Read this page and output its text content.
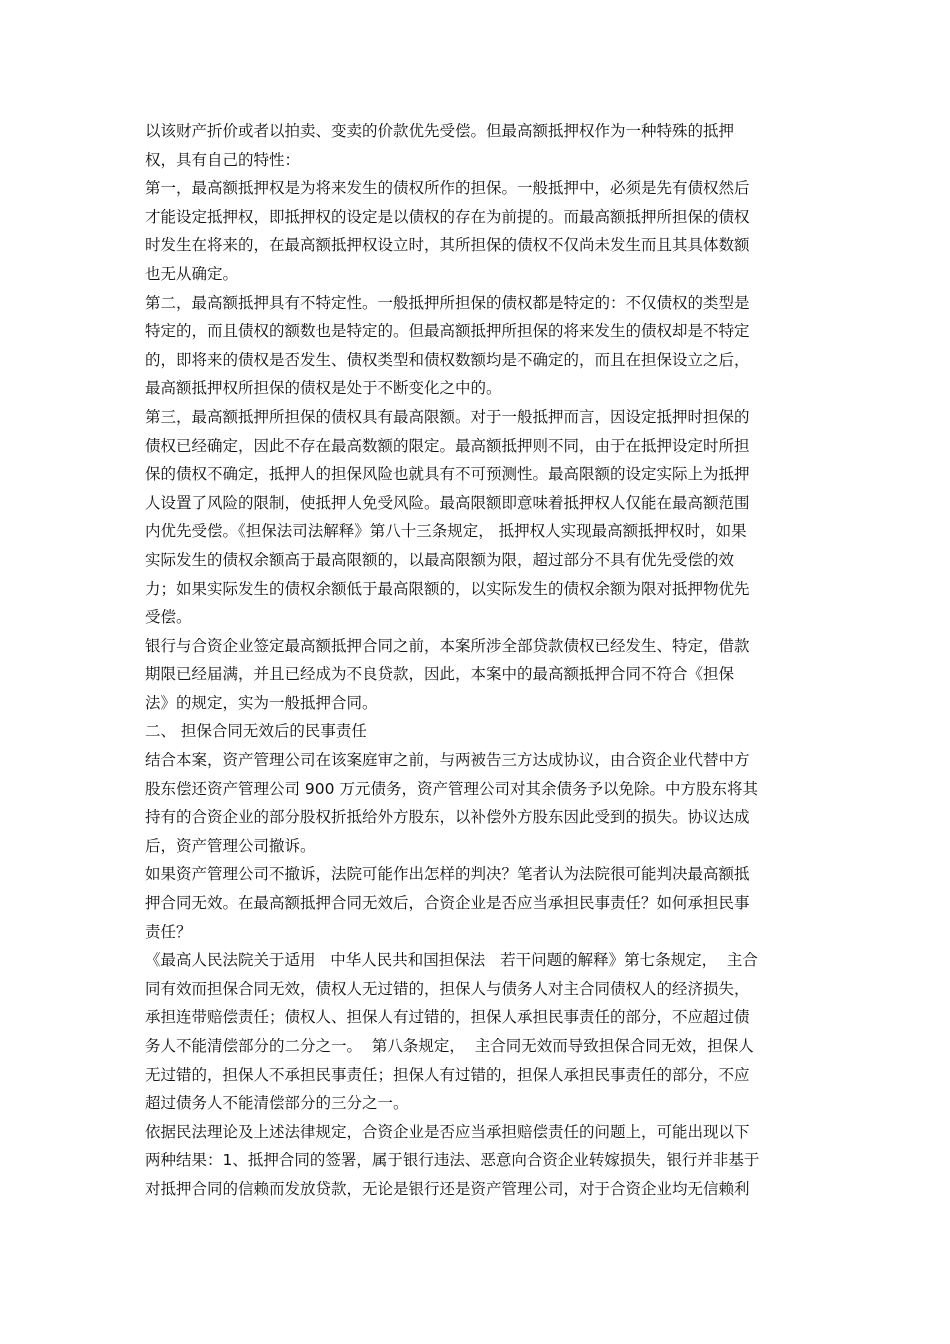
以该财产折价或者以拍卖、变卖的价款优先受偿。但最高额抵押权作为一种特殊的抵押
权，具有自己的特性：
第一，最高额抵押权是为将来发生的债权所作的担保。一般抵押中，必须是先有债权然后
才能设定抵押权，即抵押权的设定是以债权的存在为前提的。而最高额抵押所担保的债权
时发生在将来的，在最高额抵押权设立时，其所担保的债权不仅尚未发生而且其具体数额
也无从确定。
第二，最高额抵押具有不特定性。一般抵押所担保的债权都是特定的：不仅债权的类型是
特定的，而且债权的额数也是特定的。但最高额抵押所担保的将来发生的债权却是不特定
的，即将来的债权是否发生、债权类型和债权数额均是不确定的，而且在担保设立之后，
最高额抵押权所担保的债权是处于不断变化之中的。
第三，最高额抵押所担保的债权具有最高限额。对于一般抵押而言，因设定抵押时担保的
债权已经确定，因此不存在最高数额的限定。最高额抵押则不同，由于在抵押设定时所担
保的债权不确定，抵押人的担保风险也就具有不可预测性。最高限额的设定实际上为抵押
人设置了风险的限制，使抵押人免受风险。最高限额即意味着抵押权人仅能在最高额范围
内优先受偿。《担保法司法解释》第八十三条规定， 抵押权人实现最高额抵押权时，如果
实际发生的债权余额高于最高限额的，以最高限额为限，超过部分不具有优先受偿的效
力；如果实际发生的债权余额低于最高限额的，以实际发生的债权余额为限对抵押物优先
受偿。
银行与合资企业签定最高额抵押合同之前，本案所涉全部贷款债权已经发生、特定，借款
期限已经届满，并且已经成为不良贷款，因此，本案中的最高额抵押合同不符合《担保
法》的规定，实为一般抵押合同。
二、 担保合同无效后的民事责任
结合本案，资产管理公司在该案庭审之前，与两被告三方达成协议，由合资企业代替中方
股东偿还资产管理公司 900 万元债务，资产管理公司对其余债务予以免除。中方股东将其
持有的合资企业的部分股权折抵给外方股东，以补偿外方股东因此受到的损失。协议达成
后，资产管理公司撤诉。
如果资产管理公司不撤诉，法院可能作出怎样的判决？笔者认为法院很可能判决最高额抵
押合同无效。在最高额抵押合同无效后，合资企业是否应当承担民事责任？如何承担民事
责任？
《最高人民法院关于适用   中华人民共和国担保法   若干问题的解释》第七条规定，  主合
同有效而担保合同无效，债权人无过错的，担保人与债务人对主合同债权人的经济损失，
承担连带赔偿责任；债权人、担保人有过错的，担保人承担民事责任的部分，不应超过债
务人不能清偿部分的二分之一。  第八条规定，  主合同无效而导致担保合同无效，担保人
无过错的，担保人不承担民事责任；担保人有过错的，担保人承担民事责任的部分，不应
超过债务人不能清偿部分的三分之一。
依据民法理论及上述法律规定，合资企业是否应当承担赔偿责任的问题上，可能出现以下
两种结果：1、抵押合同的签署，属于银行违法、恶意向合资企业转嫁损失，银行并非基于
对抵押合同的信赖而发放贷款，无论是银行还是资产管理公司，对于合资企业均无信赖利
